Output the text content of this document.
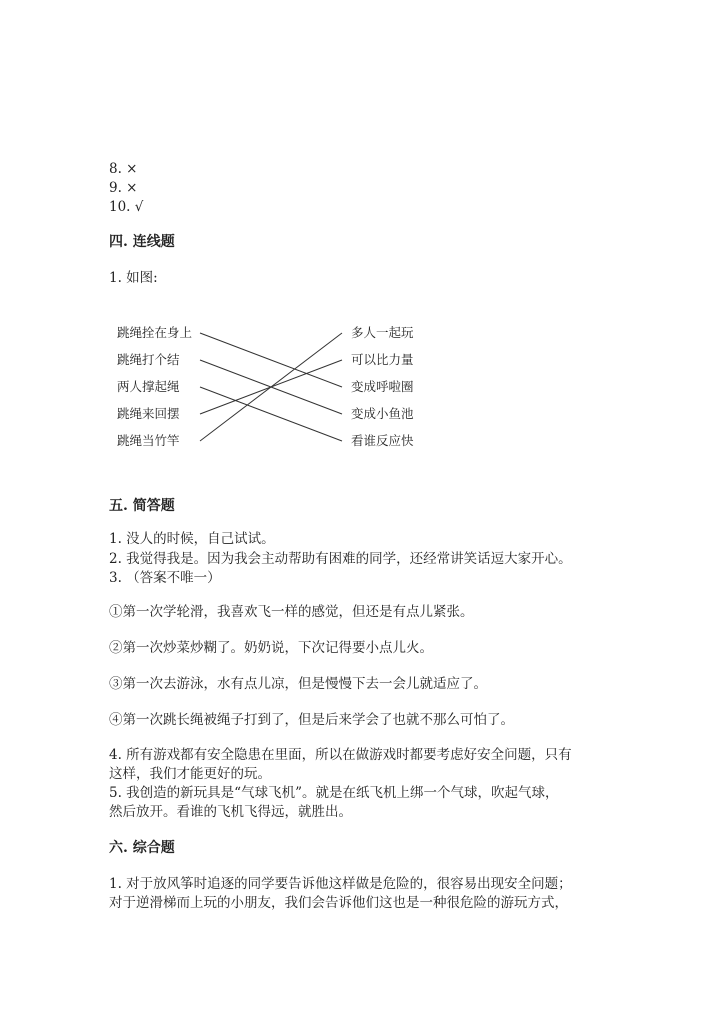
8. ×
9. ×
10. √
四. 连线题
1. 如图:
跳绳拴在身上
跳绳打个结
两人撑起绳
跳绳来回摆
跳绳当竹竿
多人一起玩
可以比力量
变成呼啦圈
变成小鱼池
看谁反应快
五. 简答题
1. 没人的时候，自己试试。
2. 我觉得我是。因为我会主动帮助有困难的同学，还经常讲笑话逗大家开心。
3. （答案不唯一）
①第一次学轮滑，我喜欢飞一样的感觉，但还是有点儿紧张。
②第一次炒菜炒糊了。奶奶说，下次记得要小点儿火。
③第一次去游泳，水有点儿凉，但是慢慢下去一会儿就适应了。
④第一次跳长绳被绳子打到了，但是后来学会了也就不那么可怕了。
4. 所有游戏都有安全隐患在里面，所以在做游戏时都要考虑好安全问题，只有
这样，我们才能更好的玩。
5. 我创造的新玩具是“气球飞机”。就是在纸飞机上绑一个气球，吹起气球，
然后放开。看谁的飞机飞得远，就胜出。
六. 综合题
1. 对于放风筝时追逐的同学要告诉他这样做是危险的，很容易出现安全问题；
对于逆滑梯而上玩的小朋友，我们会告诉他们这也是一种很危险的游玩方式，
